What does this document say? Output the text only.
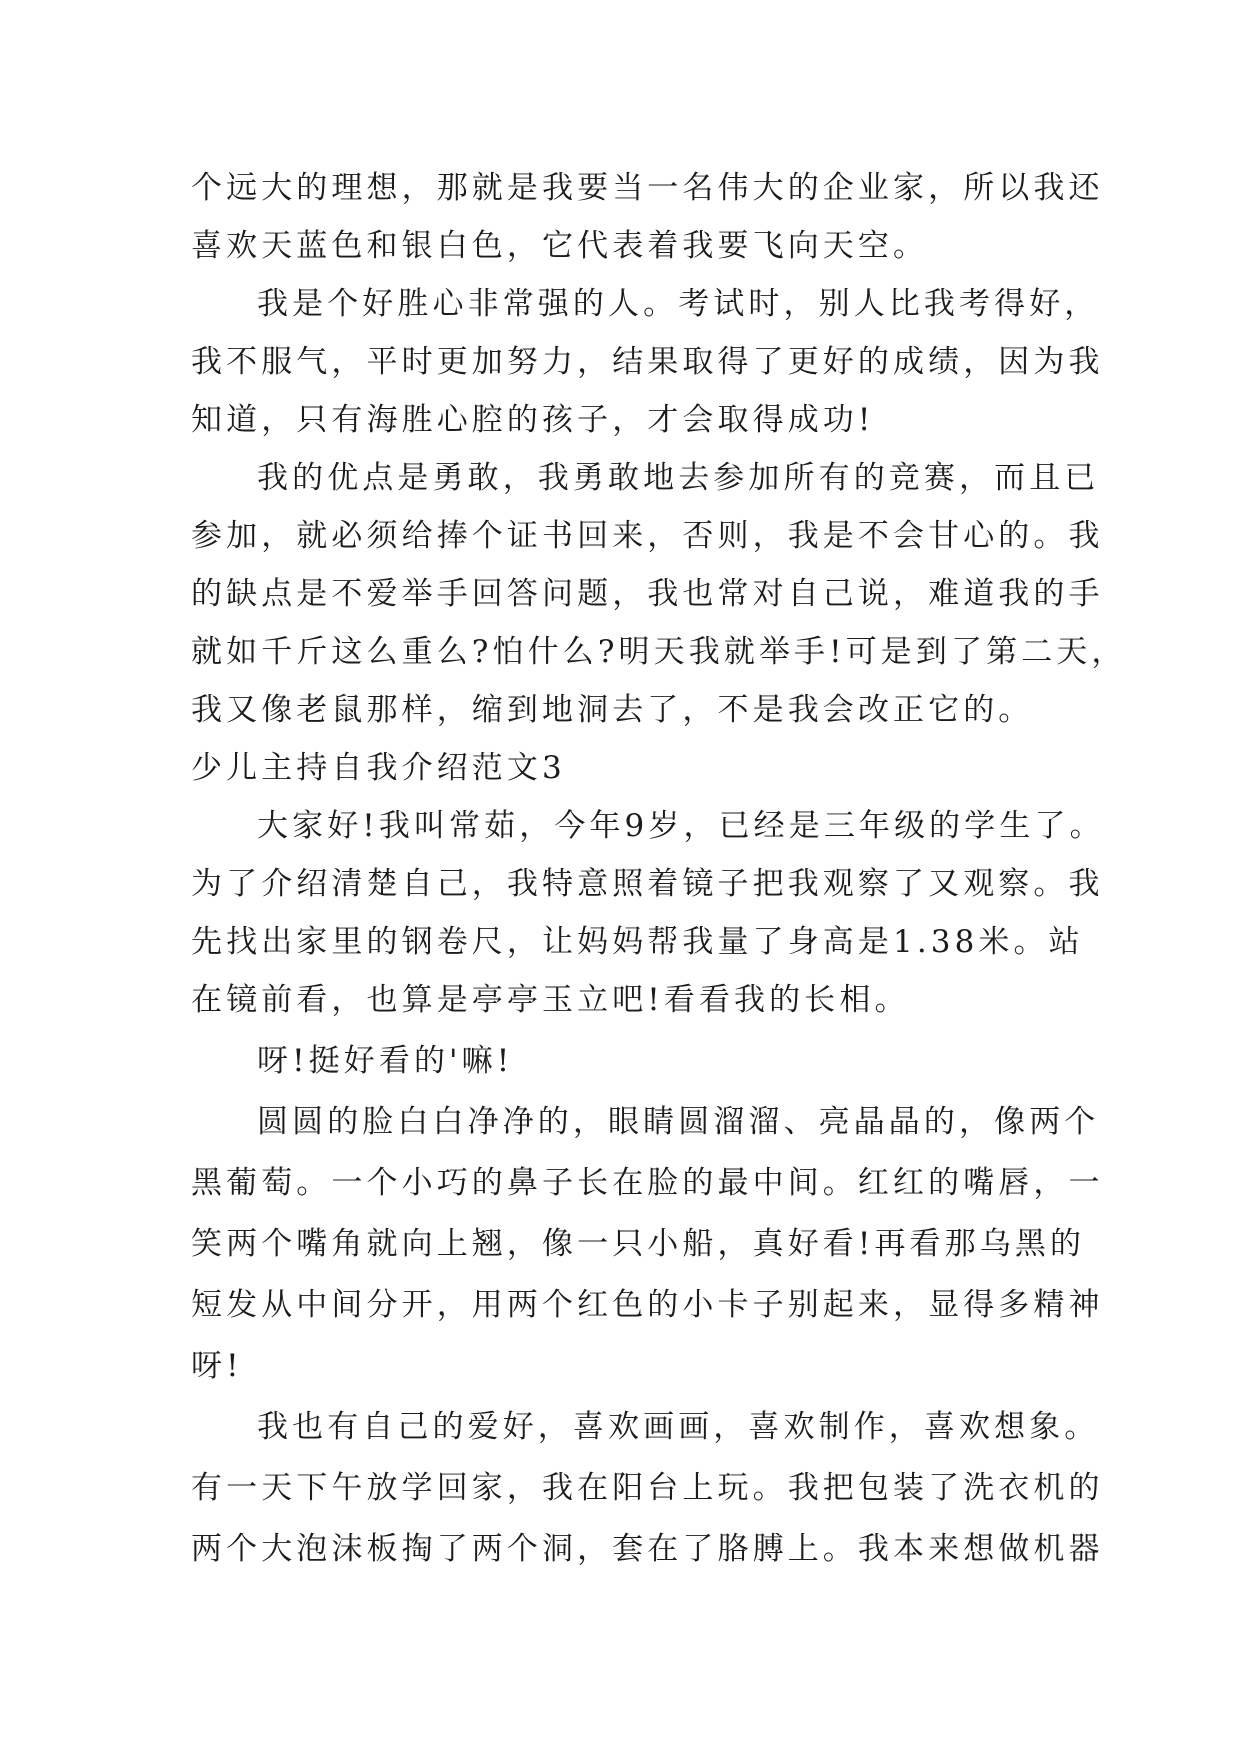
个远大的理想，那就是我要当一名伟大的企业家，所以我还
喜欢天蓝色和银白色，它代表着我要飞向天空。
我是个好胜心非常强的人。考试时，别人比我考得好，
我不服气，平时更加努力，结果取得了更好的成绩，因为我
知道，只有海胜心腔的孩子，才会取得成功!
我的优点是勇敢，我勇敢地去参加所有的竞赛，而且已
参加，就必须给捧个证书回来，否则，我是不会甘心的。我
的缺点是不爱举手回答问题，我也常对自己说，难道我的手
就如千斤这么重么?怕什么?明天我就举手!可是到了第二天，
我又像老鼠那样，缩到地洞去了，不是我会改正它的。
少儿主持自我介绍范文3
大家好!我叫常茹，今年9岁，已经是三年级的学生了。
为了介绍清楚自己，我特意照着镜子把我观察了又观察。我
先找出家里的钢卷尺，让妈妈帮我量了身高是1.38米。站
在镜前看，也算是亭亭玉立吧!看看我的长相。
呀!挺好看的'嘛!
圆圆的脸白白净净的，眼睛圆溜溜、亮晶晶的，像两个
黑葡萄。一个小巧的鼻子长在脸的最中间。红红的嘴唇，一
笑两个嘴角就向上翘，像一只小船，真好看!再看那乌黑的
短发从中间分开，用两个红色的小卡子别起来，显得多精神
呀!
我也有自己的爱好，喜欢画画，喜欢制作，喜欢想象。
有一天下午放学回家，我在阳台上玩。我把包装了洗衣机的
两个大泡沫板掏了两个洞，套在了胳膊上。我本来想做机器
